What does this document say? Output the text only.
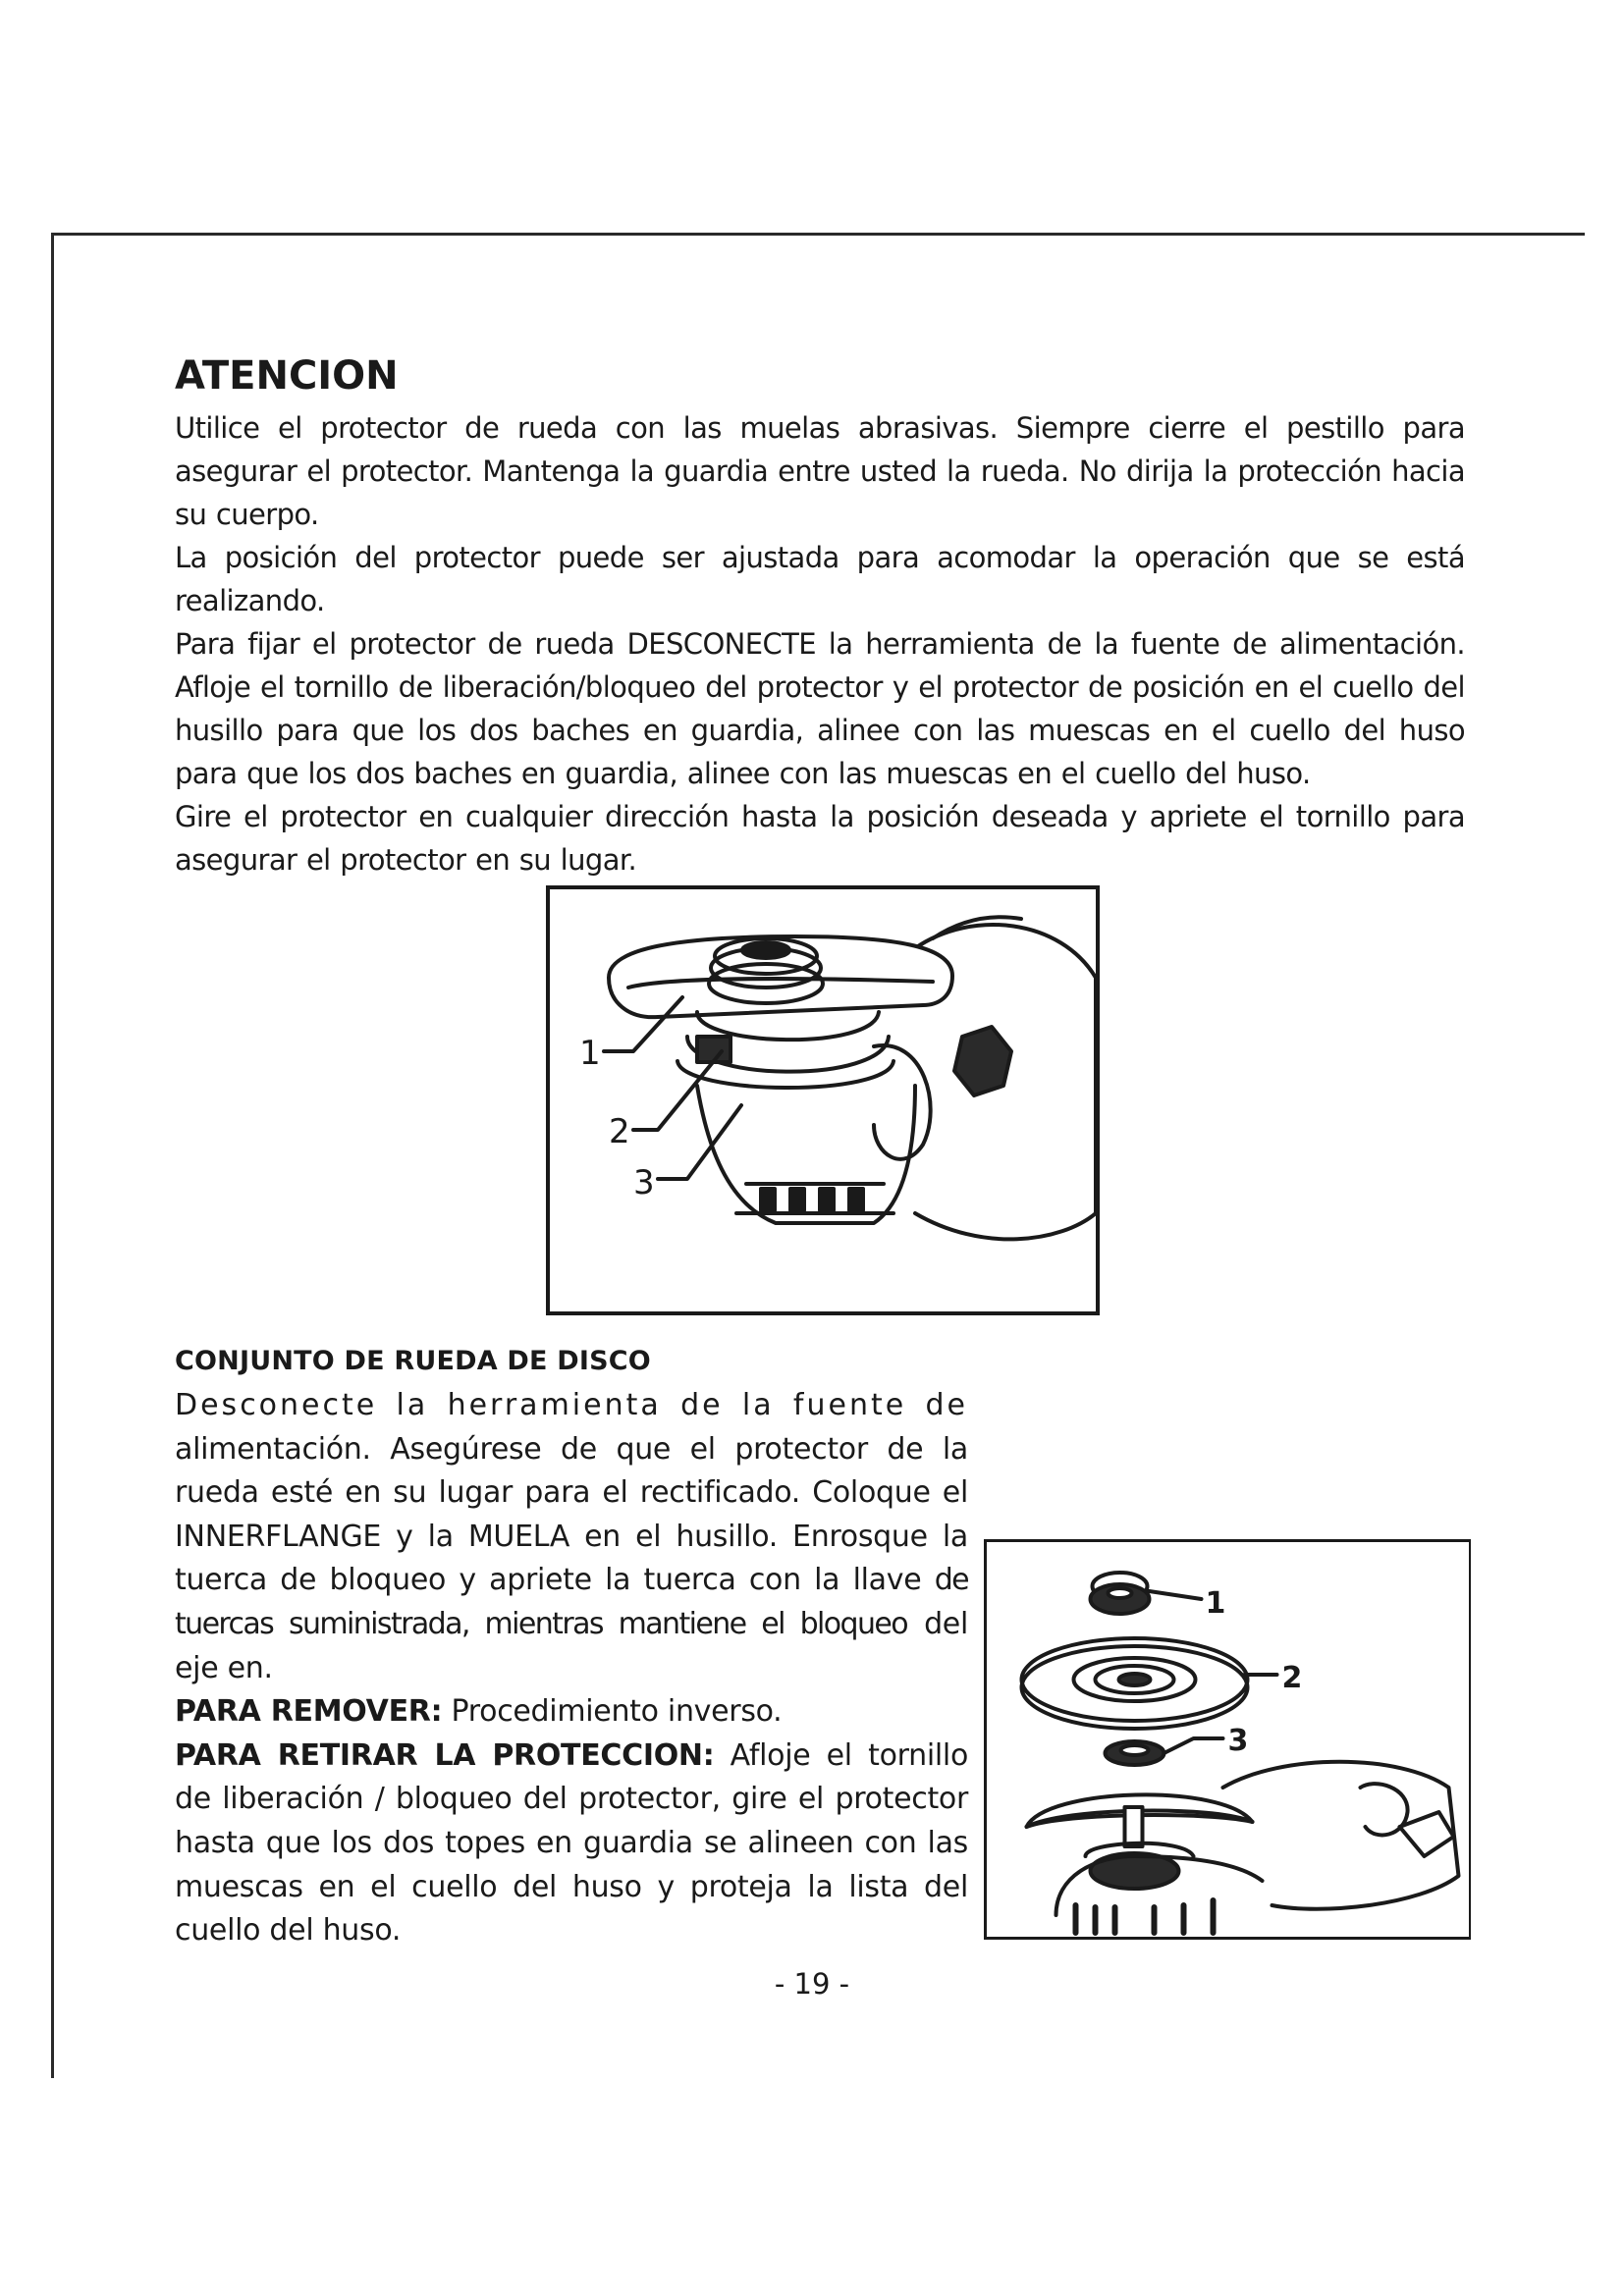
ATENCION

Utilice el protector de rueda con las muelas abrasivas. Siempre cierre el pestillo para asegurar el protector. Mantenga la guardia entre usted la rueda. No dirija la protección hacia su cuerpo.

La posición del protector puede ser ajustada para acomodar la operación que se está realizando.

Para fijar el protector de rueda DESCONECTE la herramienta de la fuente de alimentación. Afloje el tornillo de liberación/bloqueo del protector y el protector de posición en el cuello del husillo para que los dos baches en guardia, alinee con las muescas en el cuello del huso para que los dos baches en guardia, alinee con las muescas en el cuello del huso.

Gire el protector en cualquier dirección hasta la posición deseada y apriete el tornillo para asegurar el protector en su lugar.

1
2
3
CONJUNTO DE RUEDA DE DISCO

Desconecte la herramienta de la fuente de alimentación. Asegúrese de que el protector de la rueda esté en su lugar para el rectificado. Coloque el INNERFLANGE y la MUELA en el husillo. Enrosque la tuerca de bloqueo y apriete la tuerca con la llave de tuercas suministrada, mientras mantiene el bloqueo del eje en.

PARA REMOVER: Procedimiento inverso.

PARA RETIRAR LA PROTECCION: Afloje el tornillo de liberación / bloqueo del protector, gire el protector hasta que los dos topes en guardia se alineen con las muescas en el cuello del huso y proteja la lista del cuello del huso.

1
2
3
- 19 -
